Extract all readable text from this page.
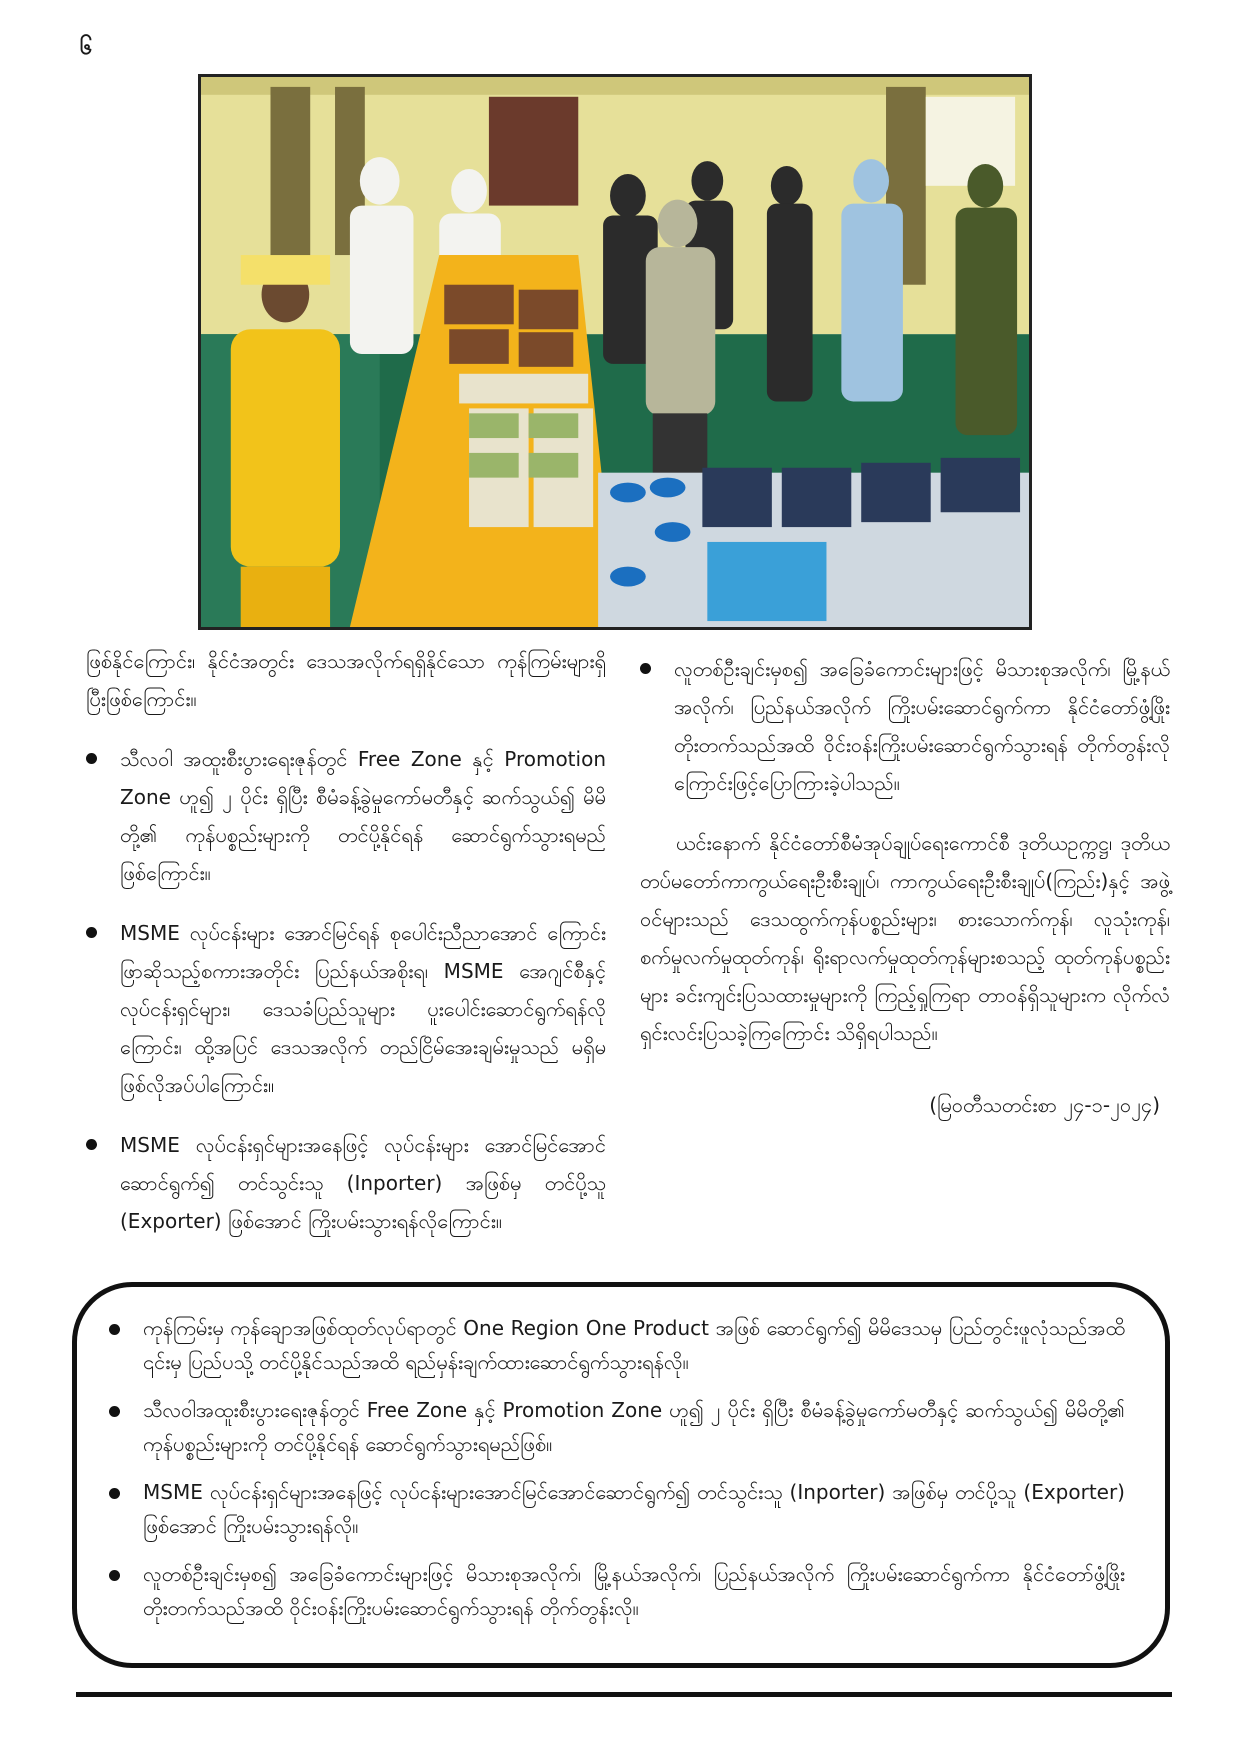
၆

ဖြစ်နိုင်ကြောင်း၊ နိုင်ငံအတွင်း ဒေသအလိုက်ရရှိနိုင်သော ကုန်ကြမ်းများရှိပြီးဖြစ်ကြောင်း။

သီလဝါ အထူးစီးပွားရေးဇုန်တွင် Free Zone နှင့် Promotion Zone ဟူ၍ ၂ ပိုင်း ရှိပြီး စီမံခန့်ခွဲမှုကော်မတီနှင့် ဆက်သွယ်၍ မိမိတို့၏ ကုန်ပစ္စည်းများကို တင်ပို့နိုင်ရန် ဆောင်ရွက်သွားရမည်ဖြစ်ကြောင်း။
MSME လုပ်ငန်းများ အောင်မြင်ရန် စုပေါင်းညီညာအောင် ကြောင်းဖြာဆိုသည့်စကားအတိုင်း ပြည်နယ်အစိုးရ၊ MSME အေဂျင်စီနှင့် လုပ်ငန်းရှင်များ၊ ဒေသခံပြည်သူများ ပူးပေါင်းဆောင်ရွက်ရန်လိုကြောင်း၊ ထို့အပြင် ဒေသအလိုက် တည်ငြိမ်အေးချမ်းမှုသည် မရှိမဖြစ်လိုအပ်ပါကြောင်း။
MSME လုပ်ငန်းရှင်များအနေဖြင့် လုပ်ငန်းများ အောင်မြင်အောင် ဆောင်ရွက်၍ တင်သွင်းသူ (Inporter) အဖြစ်မှ တင်ပို့သူ (Exporter) ဖြစ်အောင် ကြိုးပမ်းသွားရန်လိုကြောင်း။
လူတစ်ဦးချင်းမှစ၍ အခြေခံကောင်းများဖြင့် မိသားစုအလိုက်၊ မြို့နယ်အလိုက်၊ ပြည်နယ်အလိုက် ကြိုးပမ်းဆောင်ရွက်ကာ နိုင်ငံတော်ဖွံ့ဖြိုး တိုးတက်သည်အထိ ဝိုင်းဝန်းကြိုးပမ်းဆောင်ရွက်သွားရန် တိုက်တွန်းလိုကြောင်းဖြင့်ပြောကြားခဲ့ပါသည်။

ယင်းနောက် နိုင်ငံတော်စီမံအုပ်ချုပ်ရေးကောင်စီ ဒုတိယဥက္ကဋ္ဌ၊ ဒုတိယတပ်မတော်ကာကွယ်ရေးဦးစီးချုပ်၊ ကာကွယ်ရေးဦးစီးချုပ်(ကြည်း)နှင့် အဖွဲ့ဝင်များသည် ဒေသထွက်ကုန်ပစ္စည်းများ၊ စားသောက်ကုန်၊ လူသုံးကုန်၊ စက်မှုလက်မှုထုတ်ကုန်၊ ရိုးရာလက်မှုထုတ်ကုန်များစသည့် ထုတ်ကုန်ပစ္စည်းများ ခင်းကျင်းပြသထားမှုများကို ကြည့်ရှုကြရာ တာဝန်ရှိသူများက လိုက်လံရှင်းလင်းပြသခဲ့ကြကြောင်း သိရှိရပါသည်။

(မြဝတီသတင်းစာ ၂၄-၁-၂၀၂၄)
ကုန်ကြမ်းမှ ကုန်ချောအဖြစ်ထုတ်လုပ်ရာတွင် One Region One Product အဖြစ် ဆောင်ရွက်၍ မိမိဒေသမှ ပြည်တွင်းဖူလုံသည်အထိ ၎င်းမှ ပြည်ပသို့ တင်ပို့နိုင်သည်အထိ ရည်မှန်းချက်ထားဆောင်ရွက်သွားရန်လို။
သီလဝါအထူးစီးပွားရေးဇုန်တွင် Free Zone နှင့် Promotion Zone ဟူ၍ ၂ ပိုင်း ရှိပြီး စီမံခန့်ခွဲမှုကော်မတီနှင့် ဆက်သွယ်၍ မိမိတို့၏ ကုန်ပစ္စည်းများကို တင်ပို့နိုင်ရန် ဆောင်ရွက်သွားရမည်ဖြစ်။
MSME လုပ်ငန်းရှင်များအနေဖြင့် လုပ်ငန်းများအောင်မြင်အောင်ဆောင်ရွက်၍ တင်သွင်းသူ (Inporter) အဖြစ်မှ တင်ပို့သူ (Exporter) ဖြစ်အောင် ကြိုးပမ်းသွားရန်လို။
လူတစ်ဦးချင်းမှစ၍ အခြေခံကောင်းများဖြင့် မိသားစုအလိုက်၊ မြို့နယ်အလိုက်၊ ပြည်နယ်အလိုက် ကြိုးပမ်းဆောင်ရွက်ကာ နိုင်ငံတော်ဖွံ့ဖြိုးတိုးတက်သည်အထိ ဝိုင်းဝန်းကြိုးပမ်းဆောင်ရွက်သွားရန် တိုက်တွန်းလို။
